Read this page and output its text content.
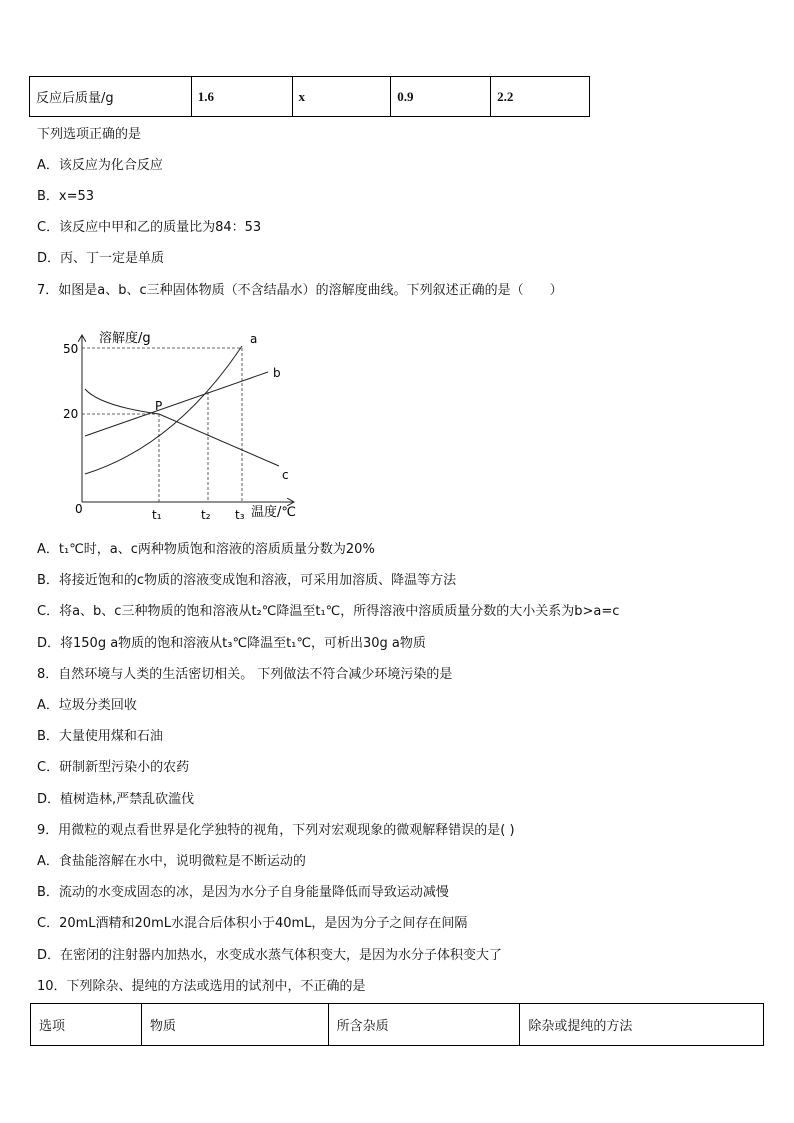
反应后质量/g	1.6	x	0.9	2.2
下列选项正确的是
A．该反应为化合反应
B．x=53
C．该反应中甲和乙的质量比为84：53
D．丙、丁一定是单质
7．如图是a、b、c三种固体物质（不含结晶水）的溶解度曲线。下列叙述正确的是（　　）
溶解度/g
温度/℃
50
20
0	t₁	t₂ t₃
P
a
b
c
A．t₁℃时，a、c两种物质饱和溶液的溶质质量分数为20%
B．将接近饱和的c物质的溶液变成饱和溶液，可采用加溶质、降温等方法
C．将a、b、c三种物质的饱和溶液从t₂℃降温至t₁℃，所得溶液中溶质质量分数的大小关系为b>a=c
D．将150g a物质的饱和溶液从t₃℃降温至t₁℃，可析出30g a物质
8．自然环境与人类的生活密切相关。 下列做法不符合减少环境污染的是
A．垃圾分类回收
B．大量使用煤和石油
C．研制新型污染小的农药
D．植树造林,严禁乱砍滥伐
9．用微粒的观点看世界是化学独特的视角，下列对宏观现象的微观解释错误的是( )
A．食盐能溶解在水中，说明微粒是不断运动的
B．流动的水变成固态的冰，是因为水分子自身能量降低而导致运动减慢
C．20mL酒精和20mL水混合后体积小于40mL，是因为分子之间存在间隔
D．在密闭的注射器内加热水，水变成水蒸气体积变大，是因为水分子体积变大了
10．下列除杂、提纯的方法或选用的试剂中，不正确的是
选项	物质	所含杂质	除杂或提纯的方法
